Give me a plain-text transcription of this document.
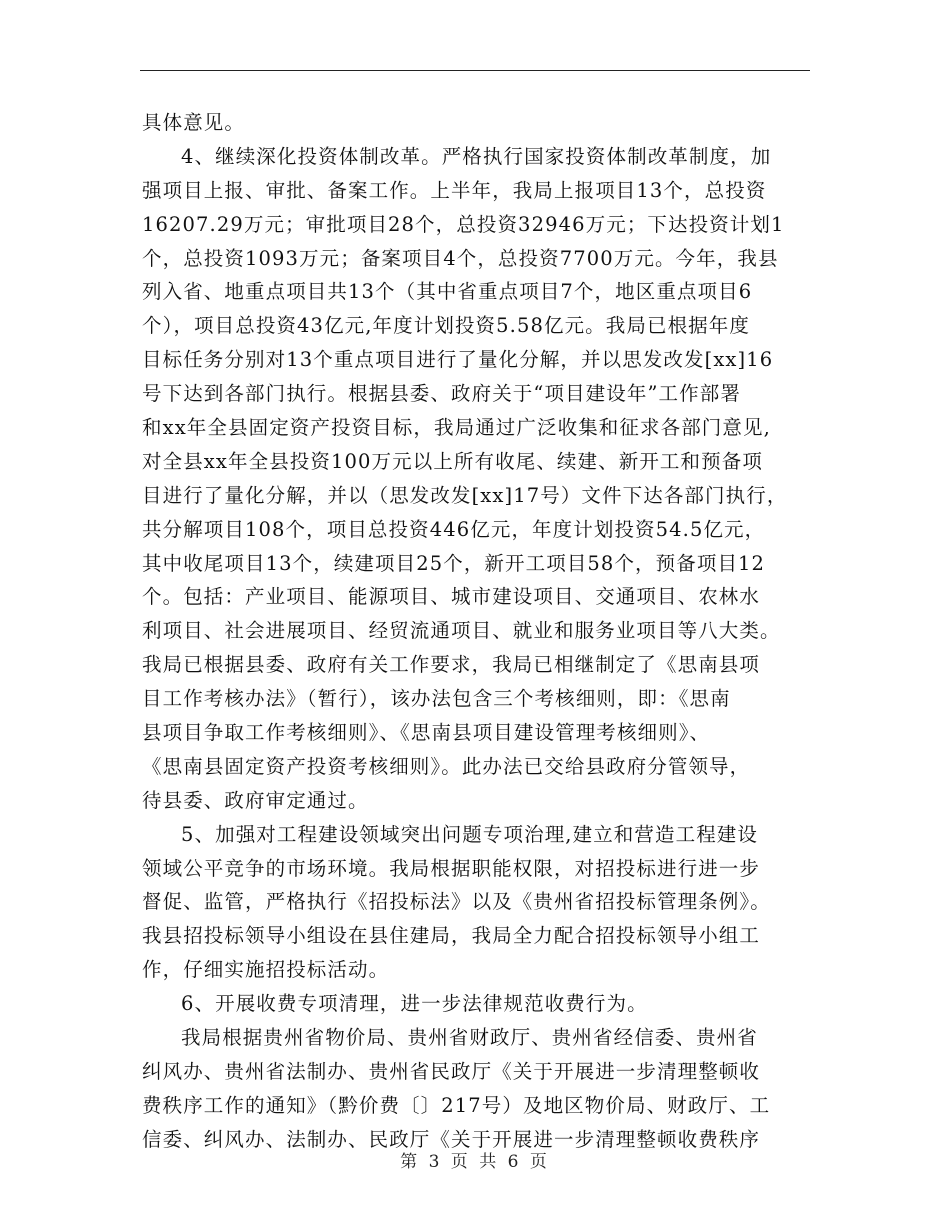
具体意见。
4、继续深化投资体制改革。严格执行国家投资体制改革制度，加
强项目上报、审批、备案工作。上半年，我局上报项目13个，总投资
16207.29万元；审批项目28个，总投资32946万元；下达投资计划1
个，总投资1093万元；备案项目4个，总投资7700万元。今年，我县
列入省、地重点项目共13个（其中省重点项目7个，地区重点项目6
个），项目总投资43亿元,年度计划投资5.58亿元。我局已根据年度
目标任务分别对13个重点项目进行了量化分解，并以思发改发[xx]16
号下达到各部门执行。根据县委、政府关于“项目建设年”工作部署
和xx年全县固定资产投资目标，我局通过广泛收集和征求各部门意见,
对全县xx年全县投资100万元以上所有收尾、续建、新开工和预备项
目进行了量化分解，并以（思发改发[xx]17号）文件下达各部门执行，
共分解项目108个，项目总投资446亿元，年度计划投资54.5亿元，
其中收尾项目13个，续建项目25个，新开工项目58个，预备项目12
个。包括：产业项目、能源项目、城市建设项目、交通项目、农林水
利项目、社会进展项目、经贸流通项目、就业和服务业项目等八大类。
我局已根据县委、政府有关工作要求，我局已相继制定了《思南县项
目工作考核办法》（暂行），该办法包含三个考核细则，即：《思南
县项目争取工作考核细则》、《思南县项目建设管理考核细则》、
《思南县固定资产投资考核细则》。此办法已交给县政府分管领导，
待县委、政府审定通过。
5、加强对工程建设领域突出问题专项治理,建立和营造工程建设
领域公平竞争的市场环境。我局根据职能权限，对招投标进行进一步
督促、监管，严格执行《招投标法》以及《贵州省招投标管理条例》。
我县招投标领导小组设在县住建局，我局全力配合招投标领导小组工
作，仔细实施招投标活动。
6、开展收费专项清理，进一步法律规范收费行为。
我局根据贵州省物价局、贵州省财政厅、贵州省经信委、贵州省
纠风办、贵州省法制办、贵州省民政厅《关于开展进一步清理整顿收
费秩序工作的通知》（黔价费〔〕217号）及地区物价局、财政厅、工
信委、纠风办、法制办、民政厅《关于开展进一步清理整顿收费秩序
第 3 页 共 6 页
